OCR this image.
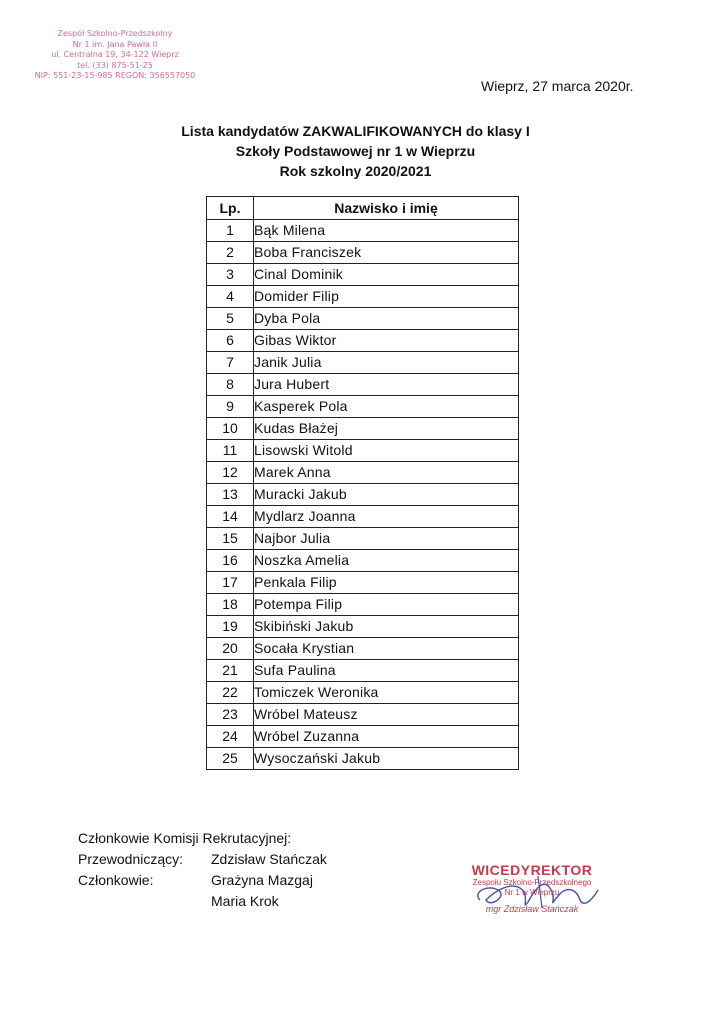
Zespół Szkolno-Przedszkolny
Nr 1 im. Jana Pawła II
ul. Centralna 19, 34-122 Wieprz
tel. (33) 875-51-25
NIP: 551-23-15-985 REGON: 356557050
Wieprz, 27 marca 2020r.
Lista kandydatów ZAKWALIFIKOWANYCH do klasy I
Szkoły Podstawowej nr 1 w Wieprzu
Rok szkolny 2020/2021
Lp.	Nazwisko i imię
1	Bąk Milena
2	Boba Franciszek
3	Cinal Dominik
4	Domider Filip
5	Dyba Pola
6	Gibas Wiktor
7	Janik Julia
8	Jura Hubert
9	Kasperek Pola
10	Kudas Błażej
11	Lisowski Witold
12	Marek Anna
13	Muracki Jakub
14	Mydlarz Joanna
15	Najbor Julia
16	Noszka Amelia
17	Penkala Filip
18	Potempa Filip
19	Skibiński Jakub
20	Socała Krystian
21	Sufa Paulina
22	Tomiczek Weronika
23	Wróbel Mateusz
24	Wróbel Zuzanna
25	Wysoczański Jakub
Członkowie Komisji Rekrutacyjnej:
Przewodniczący: Zdzisław Stańczak
Członkowie:	Grażyna Mazgaj
Maria Krok
WICEDYREKTOR
Zespołu Szkolno-Przedszkolnego
Nr 1 w Wieprzu
mgr Zdzisław Stańczak
